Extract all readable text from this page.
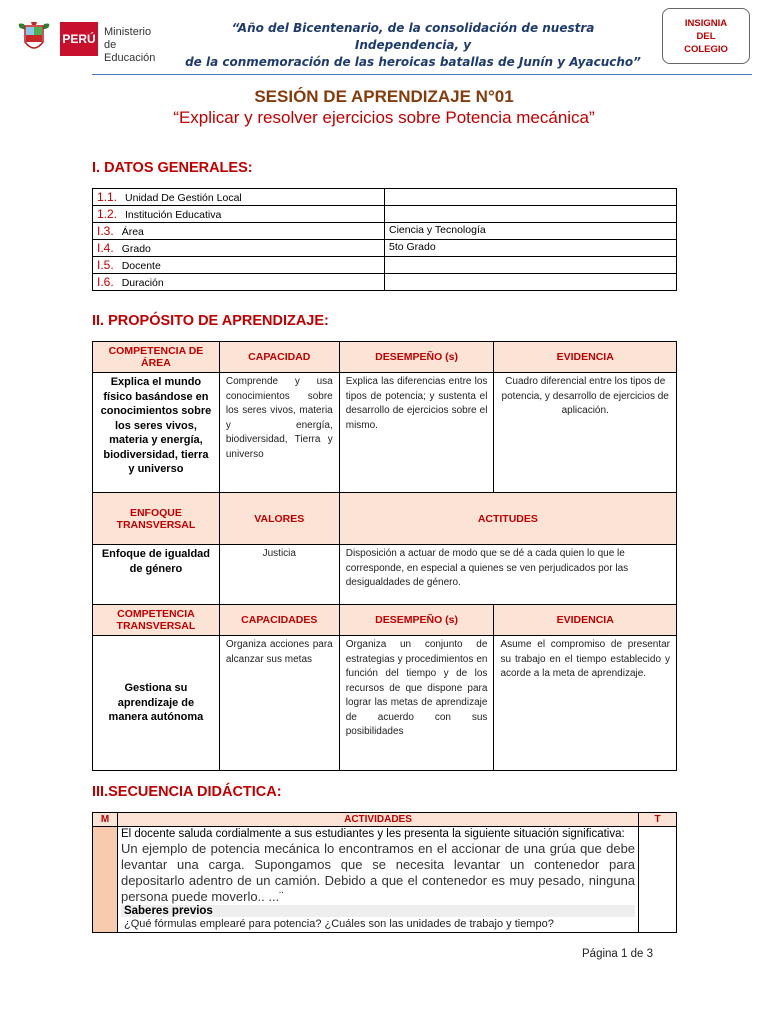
PERÚ Ministerio
de Educación
“Año del Bicentenario, de la consolidación de nuestra Independencia, y
de la conmemoración de las heroicas batallas de Junín y Ayacucho”
INSIGNIA DEL COLEGIO
SESIÓN DE APRENDIZAJE N°01
“Explicar y resolver ejercicios sobre Potencia mecánica”
I. DATOS GENERALES:
1.1. Unidad De Gestión Local	
1.2. Institución Educativa	
I.3. Área	Ciencia y Tecnología
I.4. Grado	5to Grado
I.5. Docente	
I.6. Duración	
II. PROPÓSITO DE APRENDIZAJE:
COMPETENCIA DE ÁREA	CAPACIDAD	DESEMPEÑO (s)	EVIDENCIA
Explica el mundo físico basándose en conocimientos sobre los seres vivos, materia y energía, biodiversidad, tierra y universo	Comprende y usa conocimientos sobre los seres vivos, materia y energía, biodiversidad, Tierra y universo	Explica las diferencias entre los tipos de potencia; y sustenta el desarrollo de ejercicios sobre el mismo.	Cuadro diferencial entre los tipos de potencia, y desarrollo de ejercicios de aplicación.
ENFOQUE TRANSVERSAL	VALORES	ACTITUDES	
Enfoque de igualdad de género	Justicia	Disposición a actuar de modo que se dé a cada quien lo que le corresponde, en especial a quienes se ven perjudicados por las desigualdades de género.	
COMPETENCIA TRANSVERSAL	CAPACIDADES	DESEMPEÑO (s)	EVIDENCIA
Gestiona su aprendizaje de manera autónoma	Organiza acciones para alcanzar sus metas	Organiza un conjunto de estrategias y procedimientos en función del tiempo y de los recursos de que dispone para lograr las metas de aprendizaje de acuerdo con sus posibilidades	Asume el compromiso de presentar su trabajo en el tiempo establecido y acorde a la meta de aprendizaje.
III.SECUENCIA DIDÁCTICA:
M	ACTIVIDADES	T

	El docente saluda cordialmente a sus estudiantes y les presenta la siguiente situación significativa:
Un ejemplo de potencia mecánica lo encontramos en el accionar de una grúa que debe levantar una carga. Supongamos que se necesita levantar un contenedor para depositarlo adentro de un camión. Debido a que el contenedor es muy pesado, ninguna persona puede moverlo.. ...¨
Saberes previos
¿Qué fórmulas emplearé para potencia? ¿Cuáles son las unidades de trabajo y tiempo?	

Página 1 de 3
